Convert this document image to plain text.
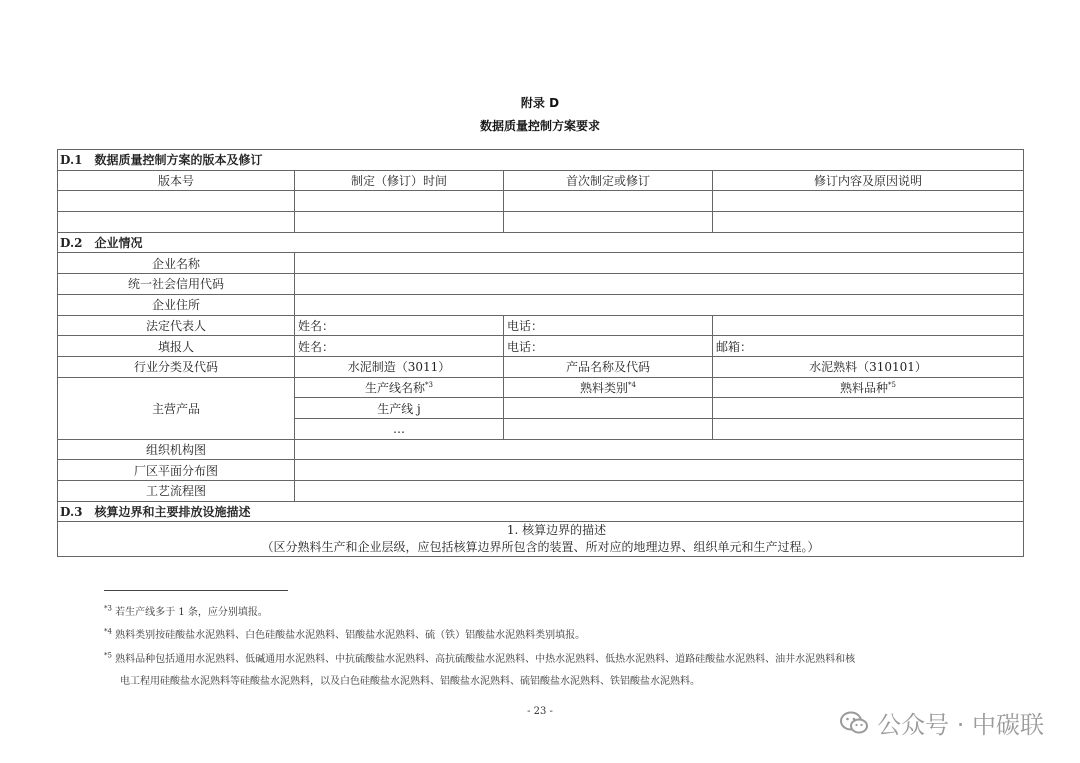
附录 D
数据质量控制方案要求
D.1　数据质量控制方案的版本及修订			
版本号	制定（修订）时间	首次制定或修订	修订内容及原因说明

D.2　企业情况			
企业名称			
统一社会信用代码			
企业住所			
法定代表人	姓名：	电话：	
填报人	姓名：	电话：	邮箱：
行业分类及代码	水泥制造（3011）	产品名称及代码	水泥熟料（310101）
主营产品	生产线名称$^{*3}$	熟料类别$^{*4}$	熟料品种$^{*5}$
	生产线 j		
	…		
组织机构图			
厂区平面分布图			
工艺流程图			
D.3　核算边界和主要排放设施描述			

1. 核算边界的描述
（区分熟料生产和企业层级，应包括核算边界所包含的装置、所对应的地理边界、组织单元和生产过程。）			
$^{*3}$ 若生产线多于 1 条，应分别填报。
$^{*4}$ 熟料类别按硅酸盐水泥熟料、白色硅酸盐水泥熟料、铝酸盐水泥熟料、硫（铁）铝酸盐水泥熟料类别填报。
$^{*5}$ 熟料品种包括通用水泥熟料、低碱通用水泥熟料、中抗硫酸盐水泥熟料、高抗硫酸盐水泥熟料、中热水泥熟料、低热水泥熟料、道路硅酸盐水泥熟料、油井水泥熟料和核
电工程用硅酸盐水泥熟料等硅酸盐水泥熟料，以及白色硅酸盐水泥熟料、铝酸盐水泥熟料、硫铝酸盐水泥熟料、铁铝酸盐水泥熟料。
- 23 -	公众号 · 中碳联
